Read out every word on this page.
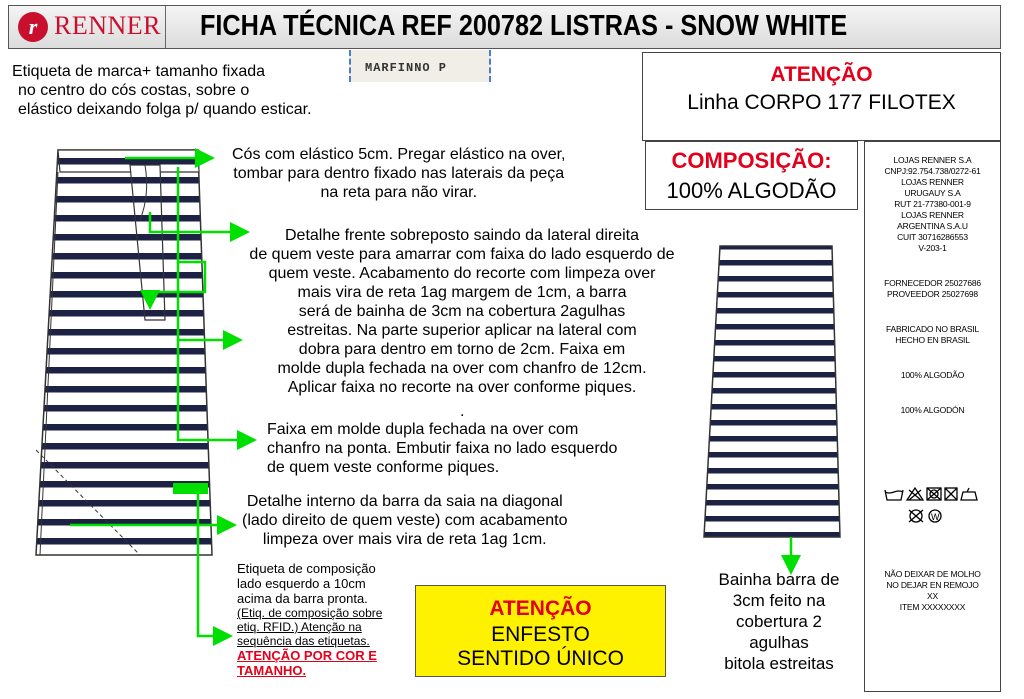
r RENNER FICHA TÉCNICA REF 200782 LISTRAS - SNOW WHITE
Etiqueta de marca+ tamanho fixada
no centro do cós costas, sobre o
elástico deixando folga p/ quando esticar.
MARFINNO P	ATENÇÃO
Linha CORPO 177 FILOTEX
COMPOSIÇÃO:
100% ALGODÃO
LOJAS RENNER S.A
CNPJ:92.754.738/0272-61
LOJAS RENNER
URUGAUY S.A
RUT 21-77380-001-9
LOJAS RENNER
ARGENTINA S.A.U
CUIT 30716286553
V-203-1
FORNECEDOR 25027686
PROVEEDOR 25027698
FABRICADO NO BRASIL
HECHO EN BRASIL
100% ALGODÃO
100% ALGODÓN
W
NÃO DEIXAR DE MOLHO
NO DEJAR EN REMOJO
XX
ITEM XXXXXXXX
Cós com elástico 5cm. Pregar elástico na over,
tombar para dentro fixado nas laterais da peça
na reta para não virar.
Detalhe frente sobreposto saindo da lateral direita
de quem veste para amarrar com faixa do lado esquerdo de
quem veste. Acabamento do recorte com limpeza over
mais vira de reta 1ag margem de 1cm, a barra
será de bainha de 3cm na cobertura 2agulhas
estreitas. Na parte superior aplicar na lateral com
dobra para dentro em torno de 2cm. Faixa em
molde dupla fechada na over com chanfro de 12cm.
Aplicar faixa no recorte na over conforme piques.
.
Faixa em molde dupla fechada na over com
chanfro na ponta. Embutir faixa no lado esquerdo
de quem veste conforme piques.
Detalhe interno da barra da saia na diagonal
(lado direito de quem veste) com acabamento
limpeza over mais vira de reta 1ag 1cm.
Etiqueta de composição
lado esquerdo a 10cm
acima da barra pronta.
(Etiq. de composição sobre
etiq. RFID.) Atenção na
sequência das etiquetas.
ATENÇÃO POR COR E
TAMANHO.
ATENÇÃO
ENFESTO
SENTIDO ÚNICO
Bainha barra de
3cm feito na
cobertura 2
agulhas
bitola estreitas
